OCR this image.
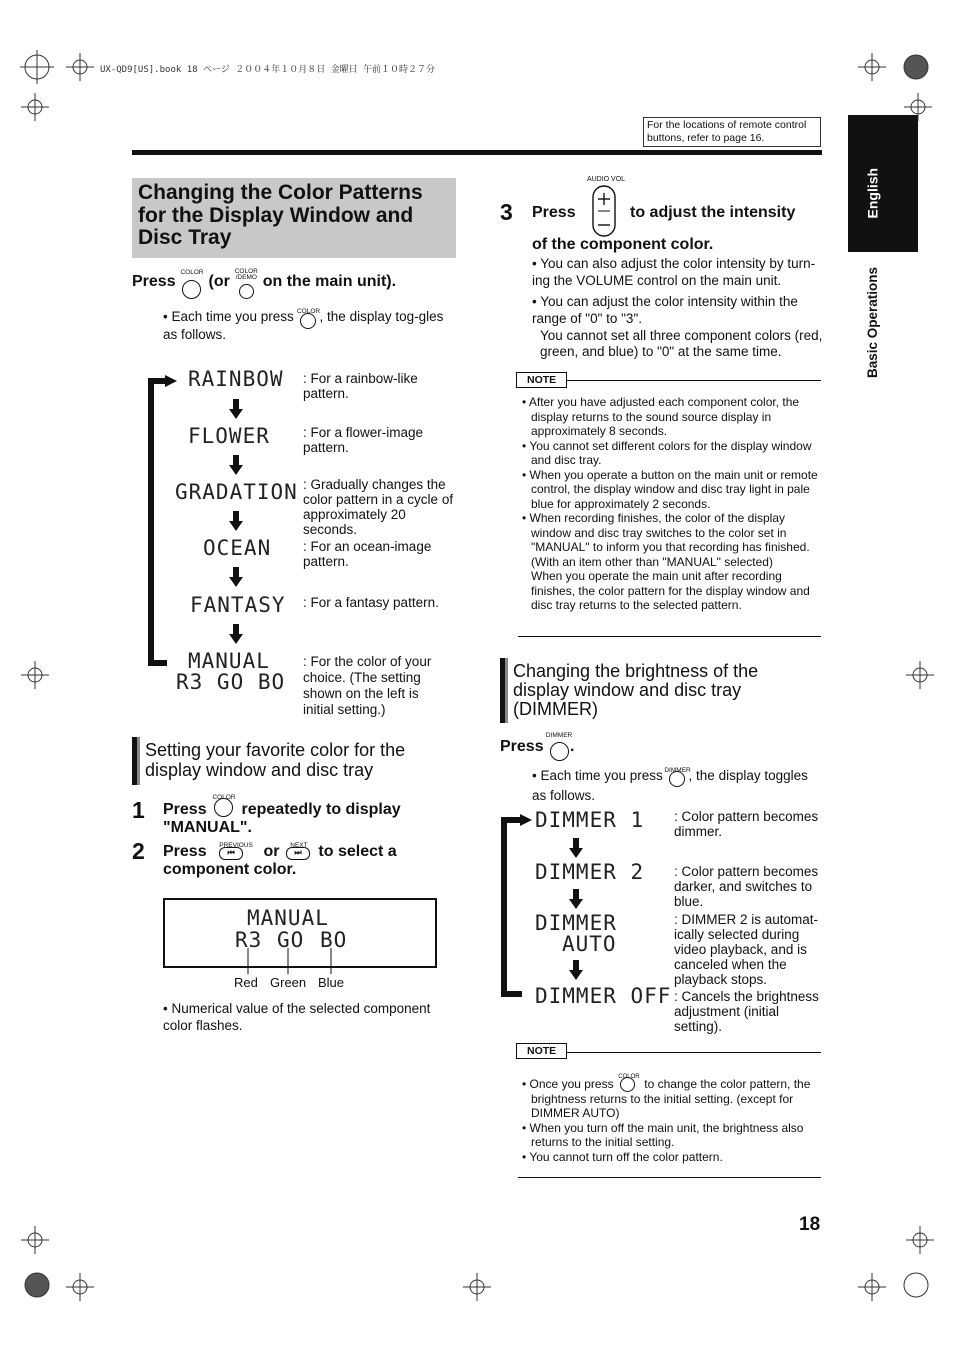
UX-QD9[US].book 18 ページ ２００４年１０月８日 金曜日 午前１０時２７分
For the locations of remote control buttons, refer to page 16.
English
Basic Operations
Changing the Color Patterns for the Display Window and Disc Tray
Press
COLOR
(or
COLOR /DEMO on the main unit).
• Each time you press COLOR , the display tog-gles as follows.
RAINBOW : For a rainbow-like pattern.
FLOWER : For a flower-image pattern.
GRADATION : Gradually changes the color pattern in a cycle of approximately 20 seconds.
OCEAN : For an ocean-image pattern.
FANTASY : For a fantasy pattern.
MANUAL
R3 GO BO
: For the color of your choice. (The setting shown on the left is initial setting.)
Setting your favorite color for the display window and disc tray
1 Press
COLOR
repeatedly to display "MANUAL".
2 Press	PREVIOUS
⏮	or	NEXT
⏭	to select a component color.
MANUAL
R3 GO BO
Red Green Blue
• Numerical value of the selected component color flashes.
3
AUDIO VOL
Press	to adjust the intensity
of the component color.
• You can also adjust the color intensity by turn-ing the VOLUME control on the main unit.
• You can adjust the color intensity within the range of "0" to "3".
You cannot set all three component colors (red, green, and blue) to "0" at the same time.
NOTE
• After you have adjusted each component color, the display returns to the sound source display in approximately 8 seconds.
• You cannot set different colors for the display window and disc tray.
• When you operate a button on the main unit or remote control, the display window and disc tray light in pale blue for approximately 2 seconds.
• When recording finishes, the color of the display window and disc tray switches to the color set in "MANUAL" to inform you that recording has finished. (With an item other than "MANUAL" selected)
When you operate the main unit after recording finishes, the color pattern for the display window and disc tray returns to the selected pattern.
Changing the brightness of the display window and disc tray (DIMMER)
Press
DIMMER
.
• Each time you press DIMMER
, the display toggles as follows.
DIMMER 1 : Color pattern becomes dimmer.
DIMMER 2 : Color pattern becomes darker, and switches to blue.
DIMMER
AUTO
: DIMMER 2 is automat-ically selected during video playback, and is canceled when the playback stops.
DIMMER OFF : Cancels the brightness adjustment (initial setting).
NOTE
• Once you press
COLOR
to change the color pattern, the brightness returns to the initial setting. (except for DIMMER AUTO)
• When you turn off the main unit, the brightness also returns to the initial setting.
• You cannot turn off the color pattern.
18
